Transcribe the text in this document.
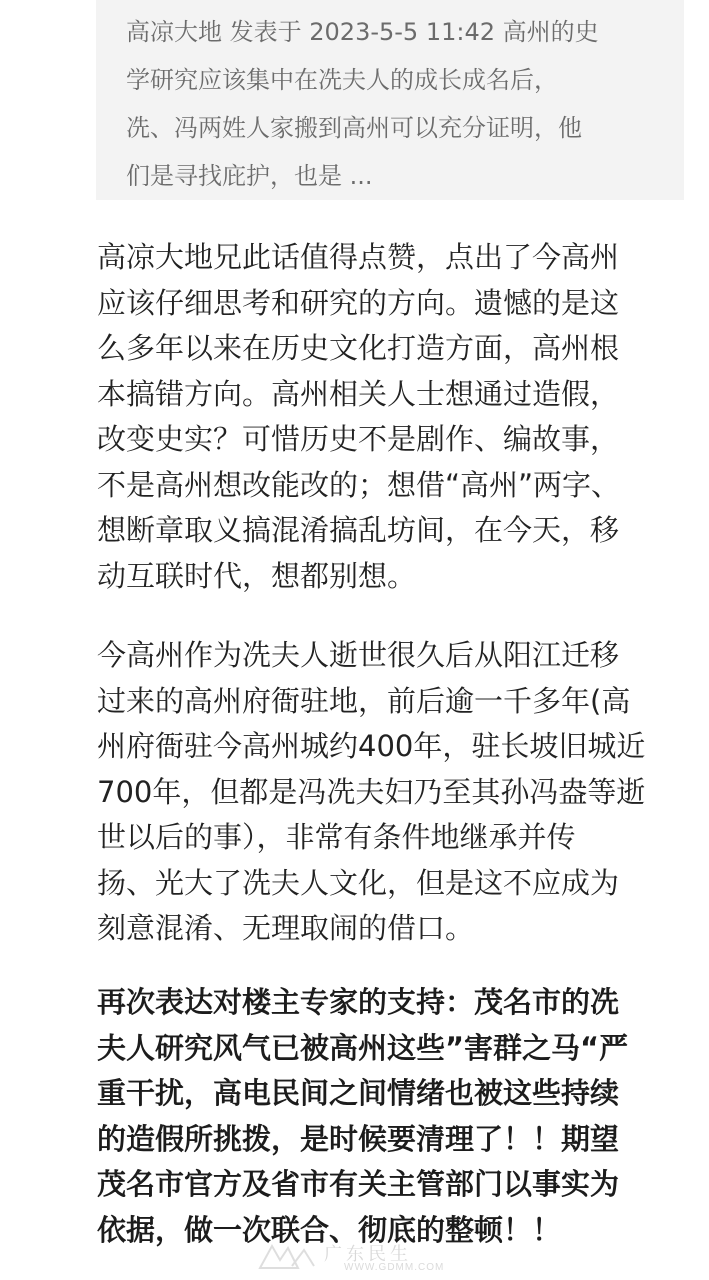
高凉大地 发表于 2023-5-5 11:42 高州的史
学研究应该集中在冼夫人的成长成名后，
冼、冯两姓人家搬到高州可以充分证明，他
们是寻找庇护，也是 ...
高凉大地兄此话值得点赞，点出了今高州
应该仔细思考和研究的方向。遗憾的是这
么多年以来在历史文化打造方面，高州根
本搞错方向。高州相关人士想通过造假，
改变史实？可惜历史不是剧作、编故事，
不是高州想改能改的；想借“高州”两字、
想断章取义搞混淆搞乱坊间，在今天，移
动互联时代，想都别想。
今高州作为冼夫人逝世很久后从阳江迁移
过来的高州府衙驻地，前后逾一千多年(高
州府衙驻今高州城约400年，驻长坡旧城近
700年，但都是冯冼夫妇乃至其孙冯盎等逝
世以后的事），非常有条件地继承并传
扬、光大了冼夫人文化，但是这不应成为
刻意混淆、无理取闹的借口。
再次表达对楼主专家的支持：茂名市的冼
夫人研究风气已被高州这些”害群之马“严
重干扰，高电民间之间情绪也被这些持续
的造假所挑拨，是时候要清理了！！期望
茂名市官方及省市有关主管部门以事实为
依据，做一次联合、彻底的整顿！！
广东民生
WWW.GDMM.COM
